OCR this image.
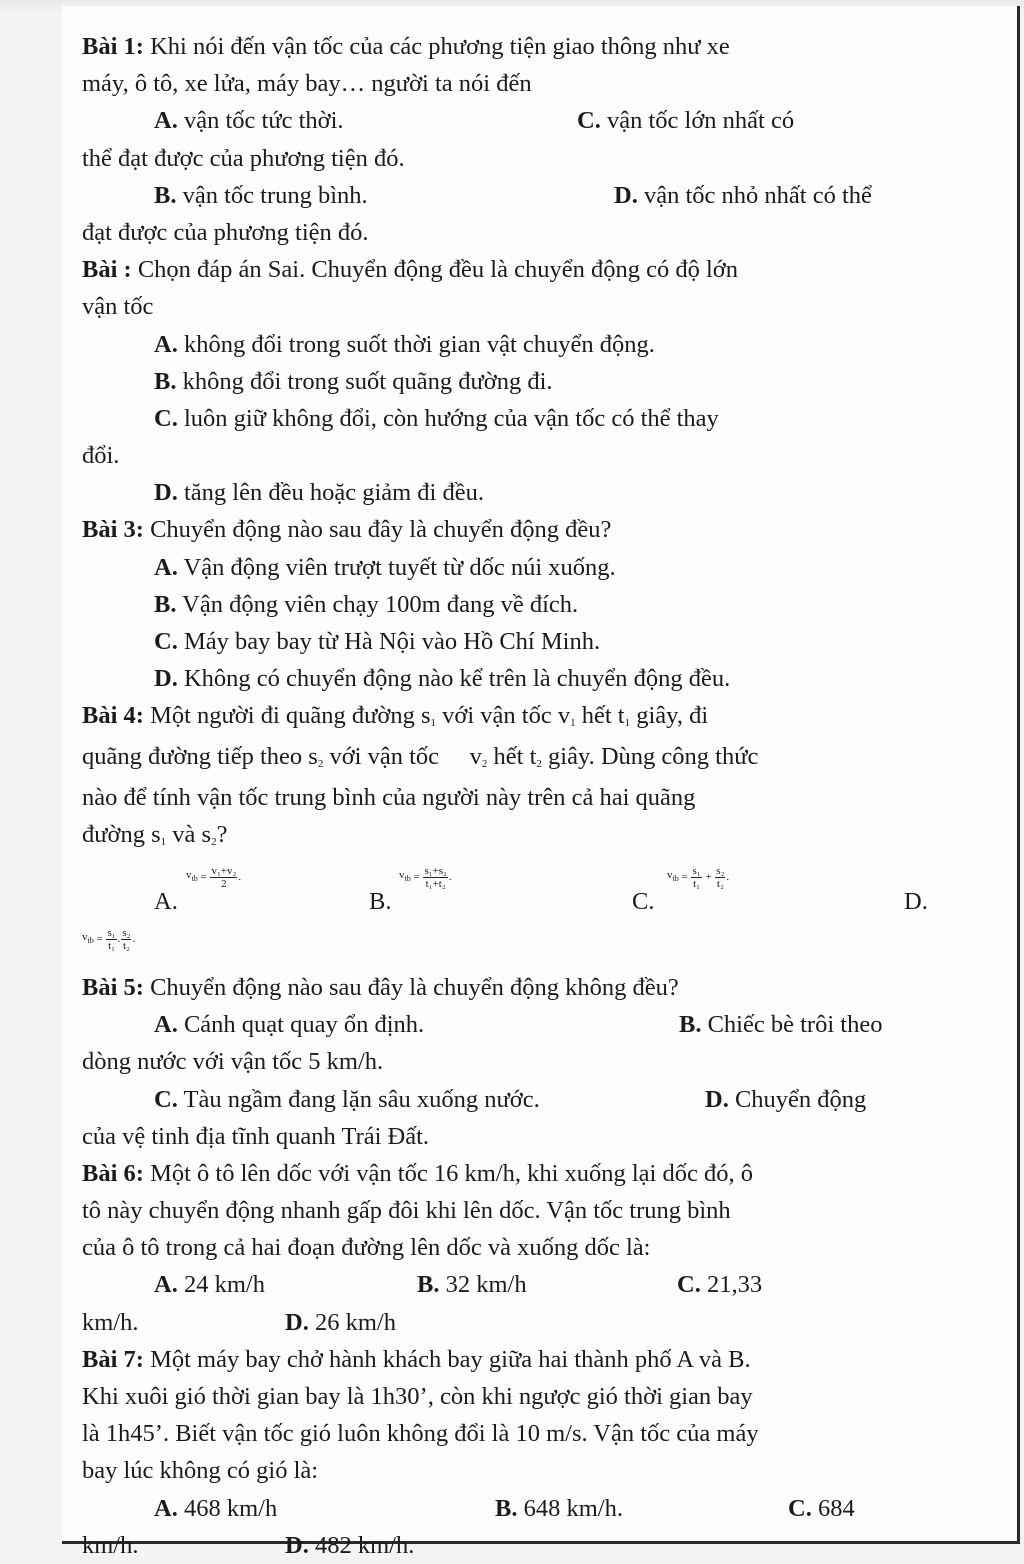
Bài 1: Khi nói đến vận tốc của các phương tiện giao thông như xe
máy, ô tô, xe lửa, máy bay… người ta nói đến
A. vận tốc tức thời.	C. vận tốc lớn nhất có
thể đạt được của phương tiện đó.
B. vận tốc trung bình.	D. vận tốc nhỏ nhất có thể
đạt được của phương tiện đó.
Bài : Chọn đáp án Sai. Chuyển động đều là chuyển động có độ lớn
vận tốc
A. không đổi trong suốt thời gian vật chuyển động.
B. không đổi trong suốt quãng đường đi.
C. luôn giữ không đổi, còn hướng của vận tốc có thể thay
đổi.
D. tăng lên đều hoặc giảm đi đều.
Bài 3: Chuyển động nào sau đây là chuyển động đều?
A. Vận động viên trượt tuyết từ dốc núi xuống.
B. Vận động viên chạy 100m đang về đích.
C. Máy bay bay từ Hà Nội vào Hồ Chí Minh.
D. Không có chuyển động nào kể trên là chuyển động đều.
Bài 4: Một người đi quãng đường $s_1$ với vận tốc $v_1$ hết $t_1$ giây, đi
quãng đường tiếp theo $s_2$ với vận tốc     $v_2$ hết $t_2$ giây. Dùng công thức
nào để tính vận tốc trung bình của người này trên cả hai quãng
đường $s_1$ và $s_2$?
A.
$v_{tb} = \frac{\text{v₁+v₂}}{2}$ .
B.
$v_{tb} = \frac{\text{s₁+s₂}}{\text{t₁+t₂}}$ .
C.
$v_{tb} = \frac{\text{s₁}}{\text{t₁}} + \frac{\text{s₂}}{\text{t₂}}$ .
D.
$v_{tb} = \frac{\text{s₁}}{\text{t₁}}$ . $\frac{\text{s₂}}{\text{t₂}}$ .
Bài 5: Chuyển động nào sau đây là chuyển động không đều?
A. Cánh quạt quay ổn định.	B. Chiếc bè trôi theo
dòng nước với vận tốc 5 km/h.
C. Tàu ngầm đang lặn sâu xuống nước.	D. Chuyển động
của vệ tinh địa tĩnh quanh Trái Đất.
Bài 6: Một ô tô lên dốc với vận tốc 16 km/h, khi xuống lại dốc đó, ô
tô này chuyển động nhanh gấp đôi khi lên dốc. Vận tốc trung bình
của ô tô trong cả hai đoạn đường lên dốc và xuống dốc là:
A. 24 km/h	B. 32 km/h	C. 21,33
km/h.	D. 26 km/h
Bài 7: Một máy bay chở hành khách bay giữa hai thành phố A và B.
Khi xuôi gió thời gian bay là 1h30’, còn khi ngược gió thời gian bay
là 1h45’. Biết vận tốc gió luôn không đổi là 10 m/s. Vận tốc của máy
bay lúc không có gió là:
A. 468 km/h	B. 648 km/h.	C. 684
km/h.	D. 482 km/h.
